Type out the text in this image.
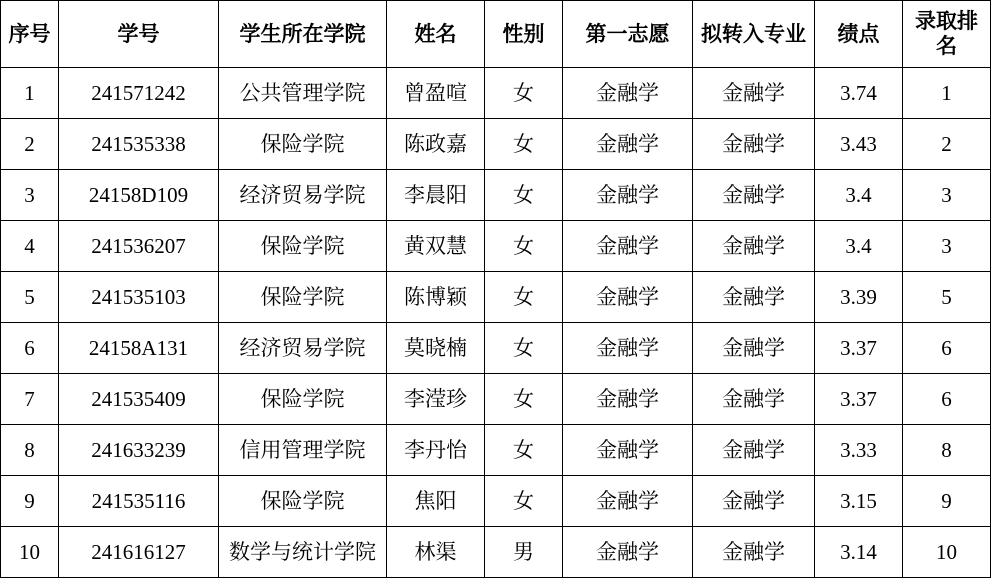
序号	学号	学生所在学院	姓名	性别	第一志愿	拟转入专业	绩点	录取排名

1	241571242	公共管理学院	曾盈喧	女	金融学	金融学	3.74	1
2	241535338	保险学院	陈政嘉	女	金融学	金融学	3.43	2
3	24158D109	经济贸易学院	李晨阳	女	金融学	金融学	3.4	3
4	241536207	保险学院	黄双慧	女	金融学	金融学	3.4	3
5	241535103	保险学院	陈博颖	女	金融学	金融学	3.39	5
6	24158A131	经济贸易学院	莫晓楠	女	金融学	金融学	3.37	6
7	241535409	保险学院	李滢珍	女	金融学	金融学	3.37	6
8	241633239	信用管理学院	李丹怡	女	金融学	金融学	3.33	8
9	241535116	保险学院	焦阳	女	金融学	金融学	3.15	9
10	241616127	数学与统计学院	林渠	男	金融学	金融学	3.14	10
